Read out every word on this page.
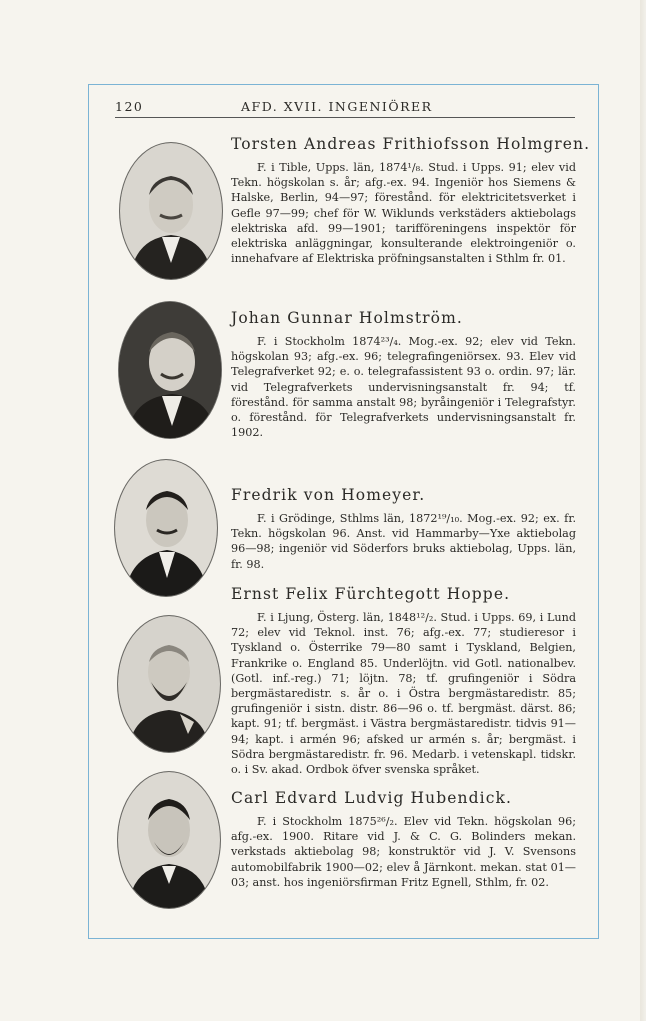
120	AFD. XVII. INGENIÖRER

Torsten Andreas Frithiofsson Holmgren.

F. i Tible, Upps. län, 1874¹/₈. Stud. i Upps. 91; elev vid Tekn. högskolan s. år; afg.-ex. 94. Ingeniör hos Siemens & Halske, Berlin, 94—97; förestånd. för elektricitetsverket i Gefle 97—99; chef för W. Wiklunds verkstäders aktiebolags elektriska afd. 99—1901; tarifföreningens inspektör för elektriska anläggningar, konsulterande elektroingeniör o. innehafvare af Elektriska pröfningsanstalten i Sthlm fr. 01.

Johan Gunnar Holmström.

F. i Stockholm 1874²³/₄. Mog.-ex. 92; elev vid Tekn. högskolan 93; afg.-ex. 96; telegrafingeniörsex. 93. Elev vid Telegrafverket 92; e. o. telegrafassistent 93 o. ordin. 97; lär. vid Telegrafverkets undervisningsanstalt fr. 94; tf. förestånd. för samma anstalt 98; byråingeniör i Telegrafstyr. o. förestånd. för Telegrafverkets undervisningsanstalt fr. 1902.

Fredrik von Homeyer.

F. i Grödinge, Sthlms län, 1872¹⁹/₁₀. Mog.-ex. 92; ex. fr. Tekn. högskolan 96. Anst. vid Hammarby—Yxe aktiebolag 96—98; ingeniör vid Söderfors bruks aktiebolag, Upps. län, fr. 98.

Ernst Felix Fürchtegott Hoppe.

F. i Ljung, Österg. län, 1848¹²/₂. Stud. i Upps. 69, i Lund 72; elev vid Teknol. inst. 76; afg.-ex. 77; studieresor i Tyskland o. Österrike 79—80 samt i Tyskland, Belgien, Frankrike o. England 85. Underlöjtn. vid Gotl. nationalbev. (Gotl. inf.-reg.) 71; löjtn. 78; tf. grufingeniör i Södra bergmästaredistr. s. år o. i Östra bergmästaredistr. 85; grufingeniör i sistn. distr. 86—96 o. tf. bergmäst. därst. 86; kapt. 91; tf. bergmäst. i Västra bergmästaredistr. tidvis 91—94; kapt. i armén 96; afsked ur armén s. år; bergmäst. i Södra bergmästaredistr. fr. 96. Medarb. i vetenskapl. tidskr. o. i Sv. akad. Ordbok öfver svenska språket.

Carl Edvard Ludvig Hubendick.

F. i Stockholm 1875²⁶/₂. Elev vid Tekn. högskolan 96; afg.-ex. 1900. Ritare vid J. & C. G. Bolinders mekan. verkstads aktiebolag 98; konstruktör vid J. V. Svensons automobilfabrik 1900—02; elev å Järnkont. mekan. stat 01—03; anst. hos ingeniörsfirman Fritz Egnell, Sthlm, fr. 02.
